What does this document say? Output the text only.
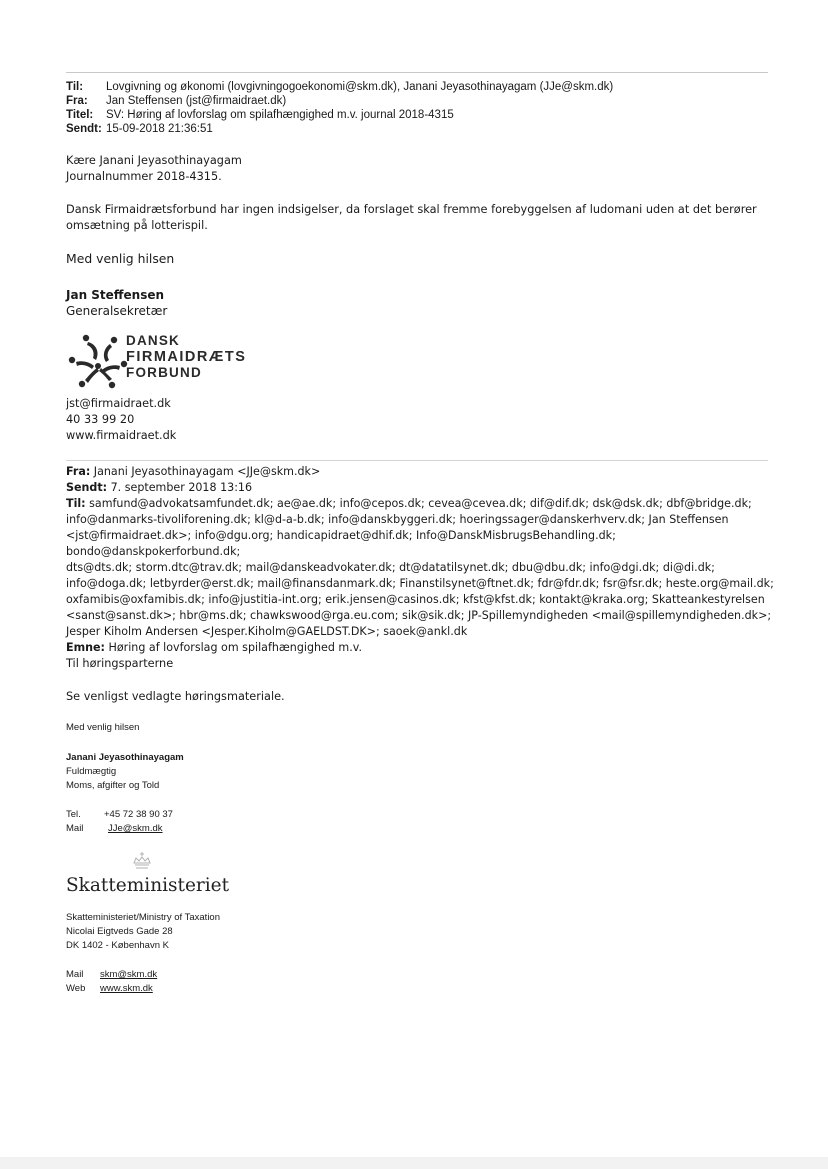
Til: Lovgivning og økonomi (lovgivningogoekonomi@skm.dk), Janani Jeyasothinayagam (JJe@skm.dk)
Fra: Jan Steffensen (jst@firmaidraet.dk)
Titel: SV: Høring af lovforslag om spilafhængighed m.v. journal 2018-4315
Sendt: 15-09-2018 21:36:51
Kære Janani Jeyasothinayagam
Journalnummer 2018-4315.
Dansk Firmaidrætsforbund har ingen indsigelser, da forslaget skal fremme forebyggelsen af ludomani uden at det berører
omsætning på lotterispil.
Med venlig hilsen
Jan Steffensen
Generalsekretær
DANSK
FIRMAIDRÆTS
FORBUND
jst@firmaidraet.dk
40 33 99 20
www.firmaidraet.dk
Fra: Janani Jeyasothinayagam <JJe@skm.dk>
Sendt: 7. september 2018 13:16
Til: samfund@advokatsamfundet.dk; ae@ae.dk; info@cepos.dk; cevea@cevea.dk; dif@dif.dk; dsk@dsk.dk; dbf@bridge.dk;
info@danmarks-tivoliforening.dk; kl@d-a-b.dk; info@danskbyggeri.dk; hoeringssager@danskerhverv.dk; Jan Steffensen
<jst@firmaidraet.dk>; info@dgu.org; handicapidraet@dhif.dk; Info@DanskMisbrugsBehandling.dk; bondo@danskpokerforbund.dk;
dts@dts.dk; storm.dtc@trav.dk; mail@danskeadvokater.dk; dt@datatilsynet.dk; dbu@dbu.dk; info@dgi.dk; di@di.dk;
info@doga.dk; letbyrder@erst.dk; mail@finansdanmark.dk; Finanstilsynet@ftnet.dk; fdr@fdr.dk; fsr@fsr.dk; heste.org@mail.dk;
oxfamibis@oxfamibis.dk; info@justitia-int.org; erik.jensen@casinos.dk; kfst@kfst.dk; kontakt@kraka.org; Skatteankestyrelsen
<sanst@sanst.dk>; hbr@ms.dk; chawkswood@rga.eu.com; sik@sik.dk; JP-Spillemyndigheden <mail@spillemyndigheden.dk>;
Jesper Kiholm Andersen <Jesper.Kiholm@GAELDST.DK>; saoek@ankl.dk
Emne: Høring af lovforslag om spilafhængighed m.v.
Til høringsparterne
Se venligst vedlagte høringsmateriale.
Med venlig hilsen
Janani Jeyasothinayagam
Fuldmægtig
Moms, afgifter og Told
Tel. +45 72 38 90 37
Mail	JJe@skm.dk
Skatteministeriet
Skatteministeriet/Ministry of Taxation
Nicolai Eigtveds Gade 28
DK 1402 - København K
Mail skm@skm.dk
Web www.skm.dk
